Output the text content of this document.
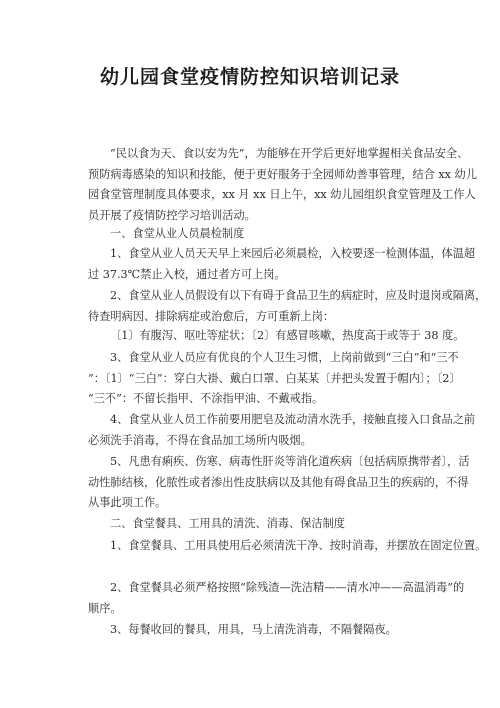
幼儿园食堂疫情防控知识培训记录

“民以食为天、食以安为先”，为能够在开学后更好地掌握相关食品安全、
预防病毒感染的知识和技能，便于更好服务于全园师幼善事管理，结合 xx 幼儿
园食堂管理制度具体要求，xx 月 xx 日上午，xx 幼儿园组织食堂管理及工作人
员开展了疫情防控学习培训活动。

一、食堂从业人员晨检制度

1、食堂从业人员天天早上来园后必须晨检，入校要逐一检测体温，体温超
过 37.3℃禁止入校，通过者方可上岗。

2、食堂从业人员假设有以下有碍于食品卫生的病症时，应及时退岗或隔离，
待查明病因、排除病症或治愈后，方可重新上岗：

〔1〕有腹泻、呕吐等症状；〔2〕有感冒咳嗽，热度高于或等于 38 度。

3、食堂从业人员应有优良的个人卫生习惯，上岗前做到“三白”和“三不
”：〔1〕“三白”：穿白大褂、戴白口罩、白某某〔并把头发置于帽内〕；〔2〕
“三不”：不留长指甲、不涂指甲油、不戴戒指。

4、食堂从业人员工作前要用肥皂及流动清水洗手，接触直接入口食品之前
必须洗手消毒，不得在食品加工场所内吸烟。

5、凡患有痢疾、伤寒、病毒性肝炎等消化道疾病〔包括病原携带者〕，活
动性肺结核，化脓性或者渗出性皮肤病以及其他有碍食品卫生的疾病的，不得
从事此项工作。

二、食堂餐具、工用具的清洗、消毒、保洁制度

1、食堂餐具、工用具使用后必须清洗干净、按时消毒，并摆放在固定位置。

2、食堂餐具必须严格按照“除残渣—洗洁精——清水冲——高温消毒”的
顺序。

3、每餐收回的餐具，用具，马上清洗消毒，不隔餐隔夜。
